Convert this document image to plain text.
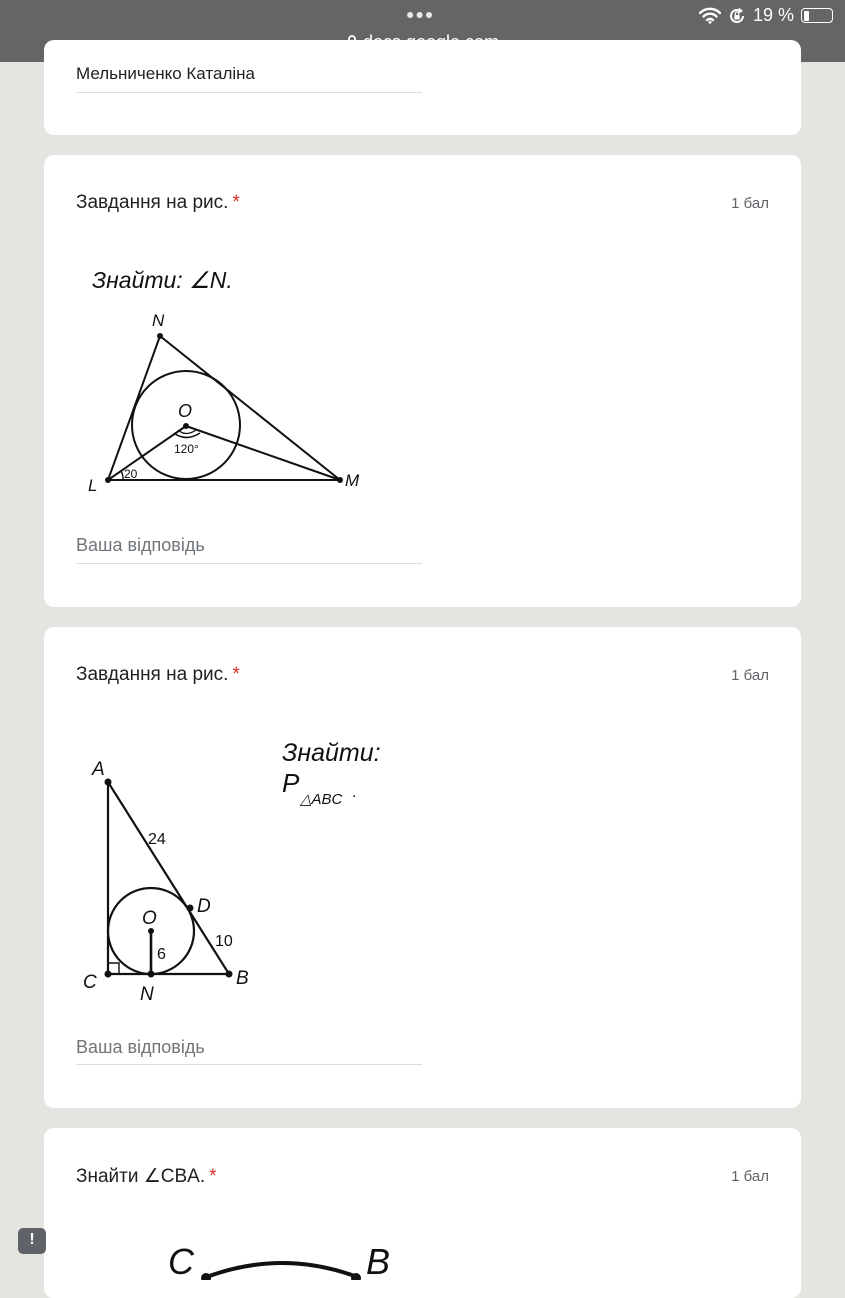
●●●	19 %
Мельниченко Каталіна
Завдання на рис. *	1 бал
Знайти: ∠N.
N
O
120°
L
20	M
Ваша відповідь
Завдання на рис. *	1 бал
Знайти:
P
△ABC .
A
24
D
O
6
10
C
N
B
Ваша відповідь
Знайти ∠CBA. *	1 бал
C	B
!
